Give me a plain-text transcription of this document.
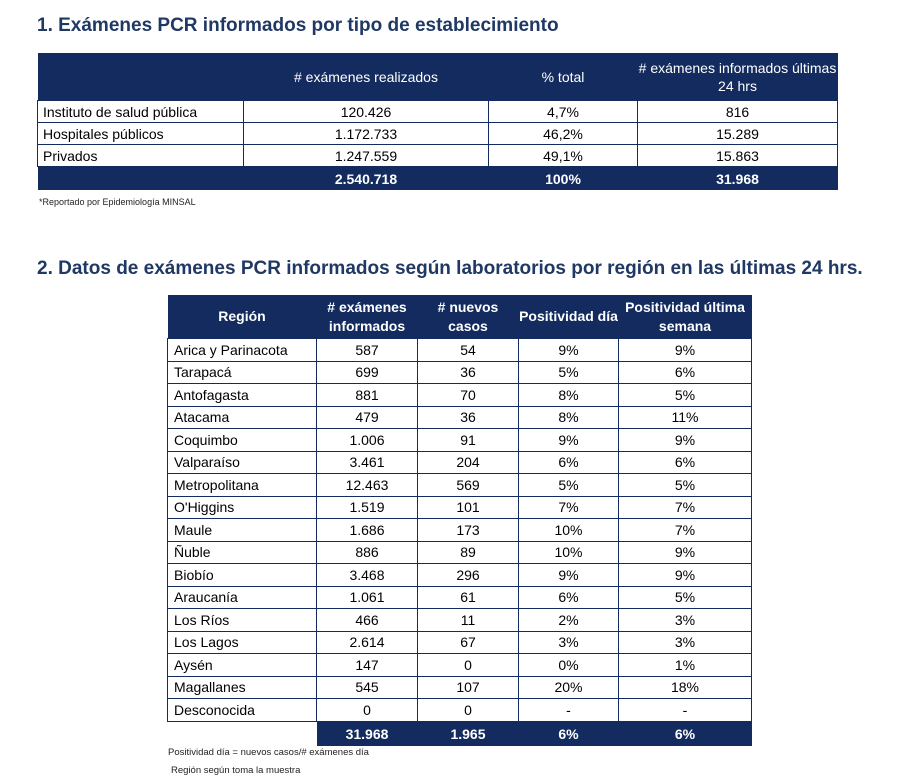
1. Exámenes PCR informados por tipo de establecimiento
	# exámenes realizados	% total	# exámenes informados últimas 24 hrs
Instituto de salud pública	120.426	4,7%	816
Hospitales públicos	1.172.733	46,2%	15.289
Privados	1.247.559	49,1%	15.863
	2.540.718	100%	31.968
*Reportado por Epidemiología MINSAL
2. Datos de exámenes PCR informados según laboratorios por región en las últimas 24 hrs.
Región	# exámenes informados	# nuevos casos	Positividad día	Positividad última semana
Arica y Parinacota	587	54	9%	9%
Tarapacá	699	36	5%	6%
Antofagasta	881	70	8%	5%
Atacama	479	36	8%	11%
Coquimbo	1.006	91	9%	9%
Valparaíso	3.461	204	6%	6%
Metropolitana	12.463	569	5%	5%
O'Higgins	1.519	101	7%	7%
Maule	1.686	173	10%	7%
Ñuble	886	89	10%	9%
Biobío	3.468	296	9%	9%
Araucanía	1.061	61	6%	5%
Los Ríos	466	11	2%	3%
Los Lagos	2.614	67	3%	3%
Aysén	147	0	0%	1%
Magallanes	545	107	20%	18%
Desconocida	0	0	-	-
	31.968	1.965	6%	6%
Positividad día = nuevos casos/# exámenes día
Región según toma la muestra
